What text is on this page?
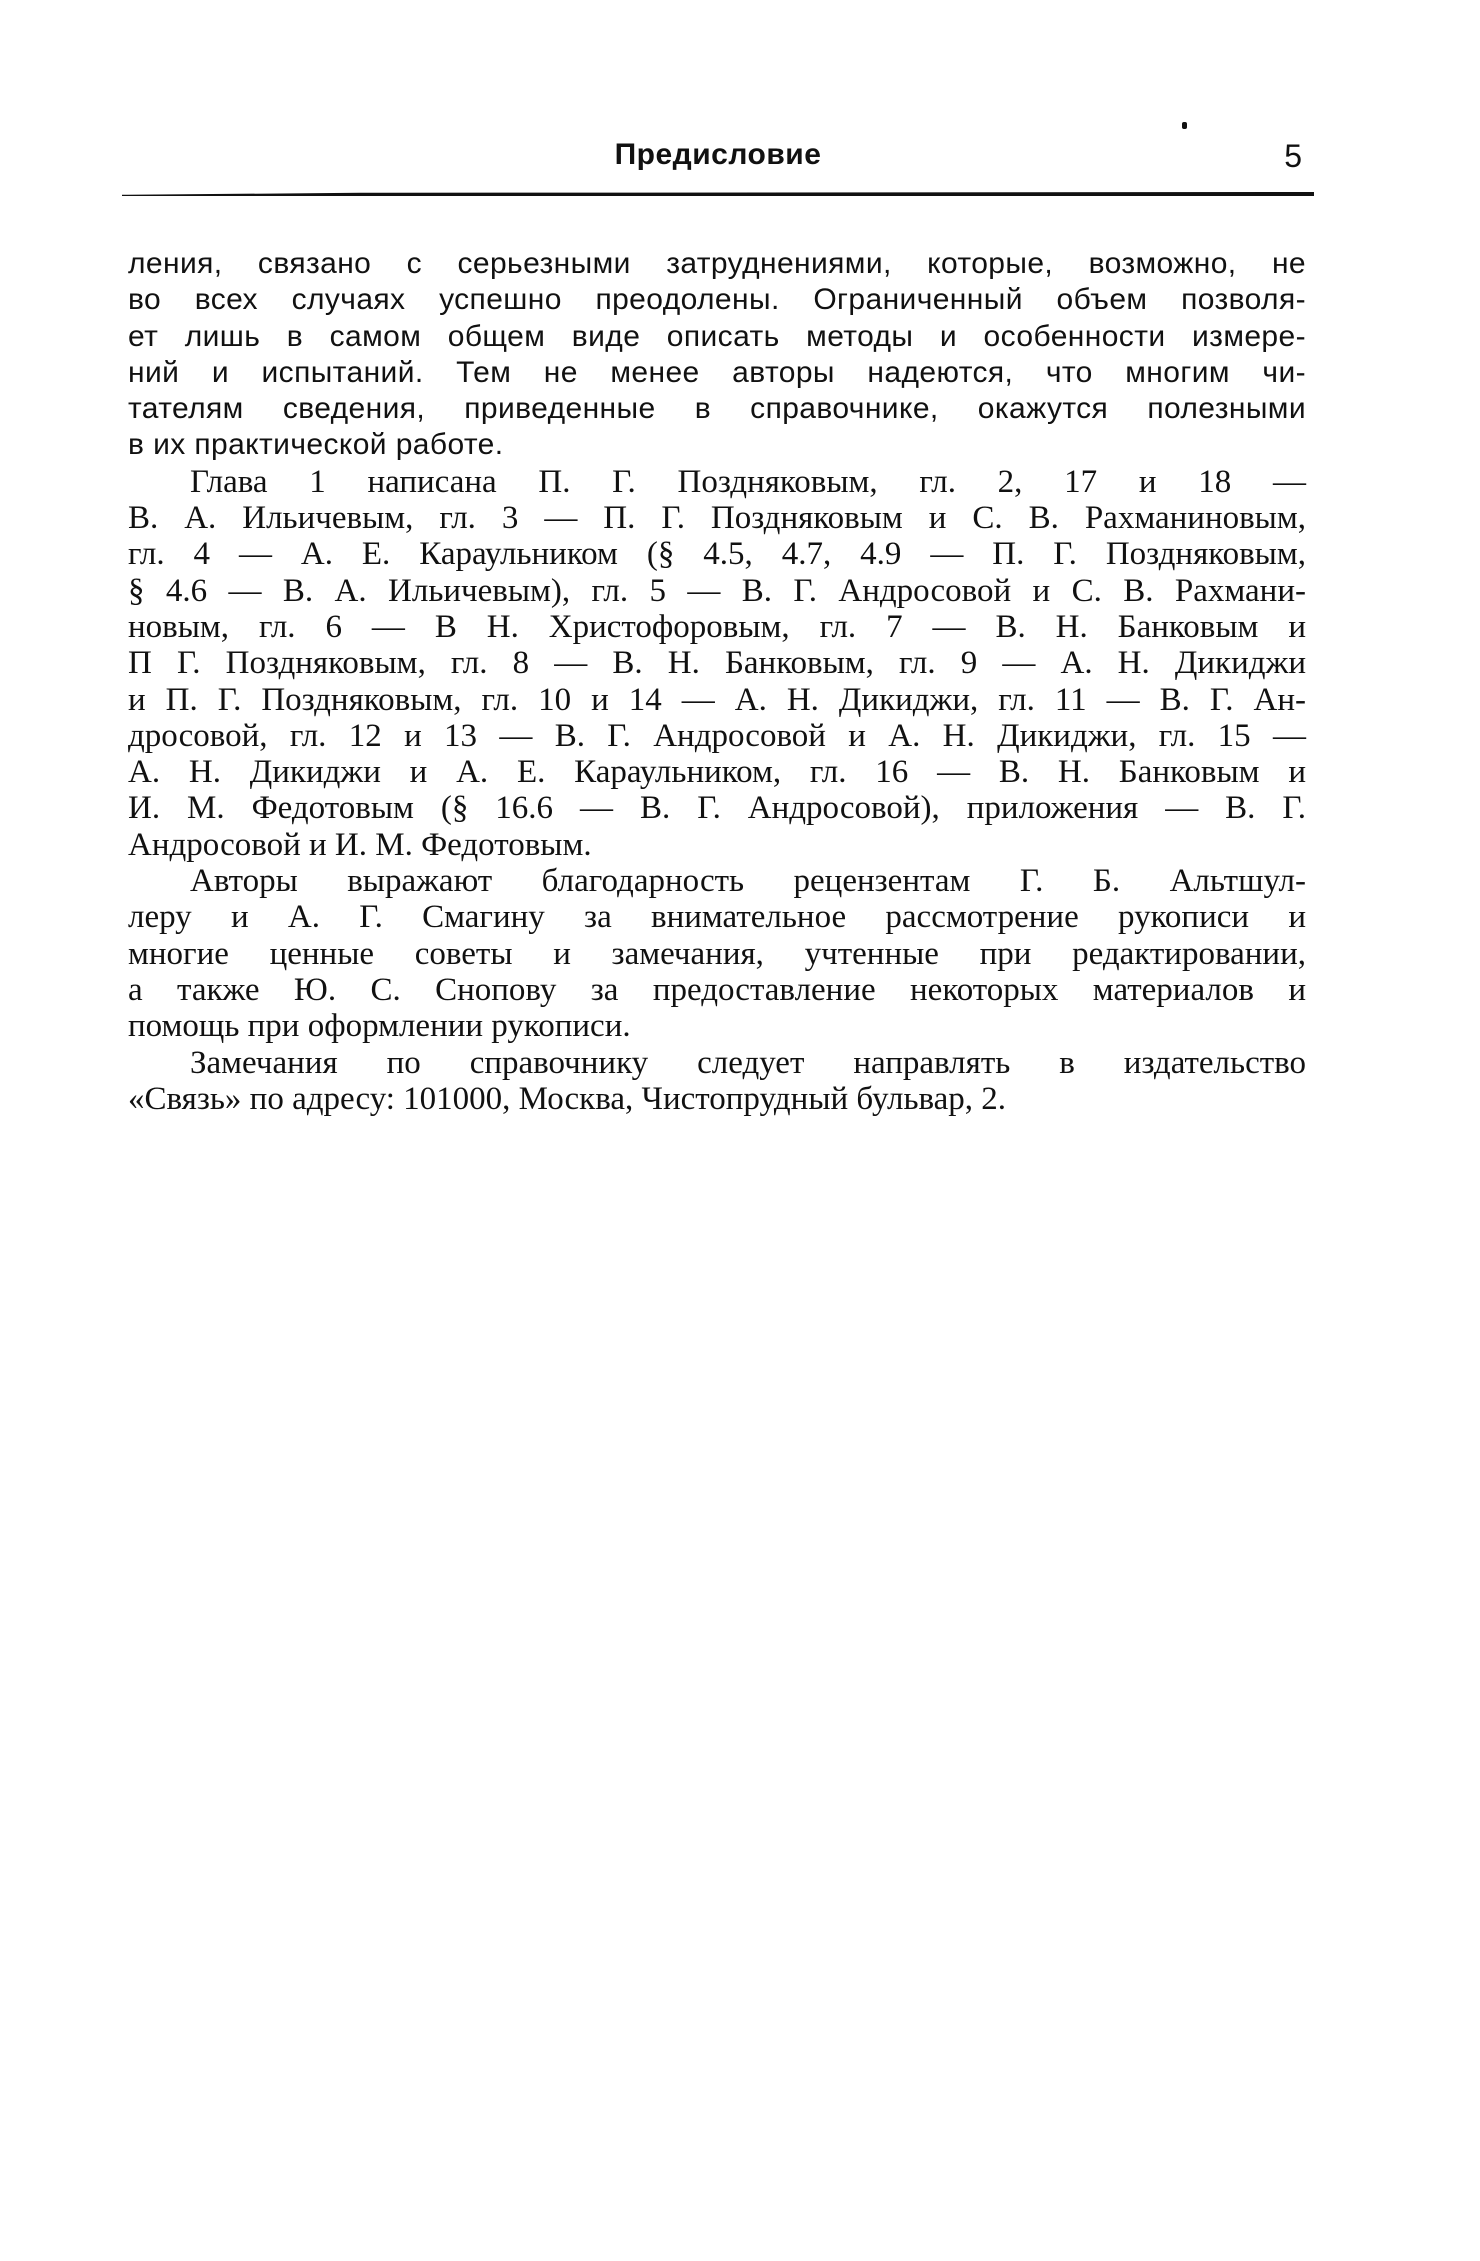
Предисловие	5
ления, связано с серьезными затруднениями, которые, возможно, не
во всех случаях успешно преодолены. Ограниченный объем позволя-
ет лишь в самом общем виде описать методы и особенности измере-
ний и испытаний. Тем не менее авторы надеются, что многим чи-
тателям сведения, приведенные в справочнике, окажутся полезными
в их практической работе.
Глава 1 написана П. Г. Поздняковым, гл. 2, 17 и 18 —
В. А. Ильичевым, гл. 3 — П. Г. Поздняковым и С. В. Рахманиновым,
гл. 4 — А. Е. Караульником (§ 4.5, 4.7, 4.9 — П. Г. Поздняковым,
§ 4.6 — В. А. Ильичевым), гл. 5 — В. Г. Андросовой и С. В. Рахмани-
новым, гл. 6 — В Н. Христофоровым, гл. 7 — В. Н. Банковым и
П Г. Поздняковым, гл. 8 — В. Н. Банковым, гл. 9 — А. Н. Дикиджи
и П. Г. Поздняковым, гл. 10 и 14 — А. Н. Дикиджи, гл. 11 — В. Г. Ан-
дросовой, гл. 12 и 13 — В. Г. Андросовой и А. Н. Дикиджи, гл. 15 —
А. Н. Дикиджи и А. Е. Караульником, гл. 16 — В. Н. Банковым и
И. М. Федотовым (§ 16.6 — В. Г. Андросовой), приложения — В. Г.
Андросовой и И. М. Федотовым.
Авторы выражают благодарность рецензентам Г. Б. Альтшул-
леру и А. Г. Смагину за внимательное рассмотрение рукописи и
многие ценные советы и замечания, учтенные при редактировании,
а также Ю. С. Снопову за предоставление некоторых материалов и
помощь при оформлении рукописи.
Замечания по справочнику следует направлять в издательство
«Связь» по адресу: 101000, Москва, Чистопрудный бульвар, 2.
